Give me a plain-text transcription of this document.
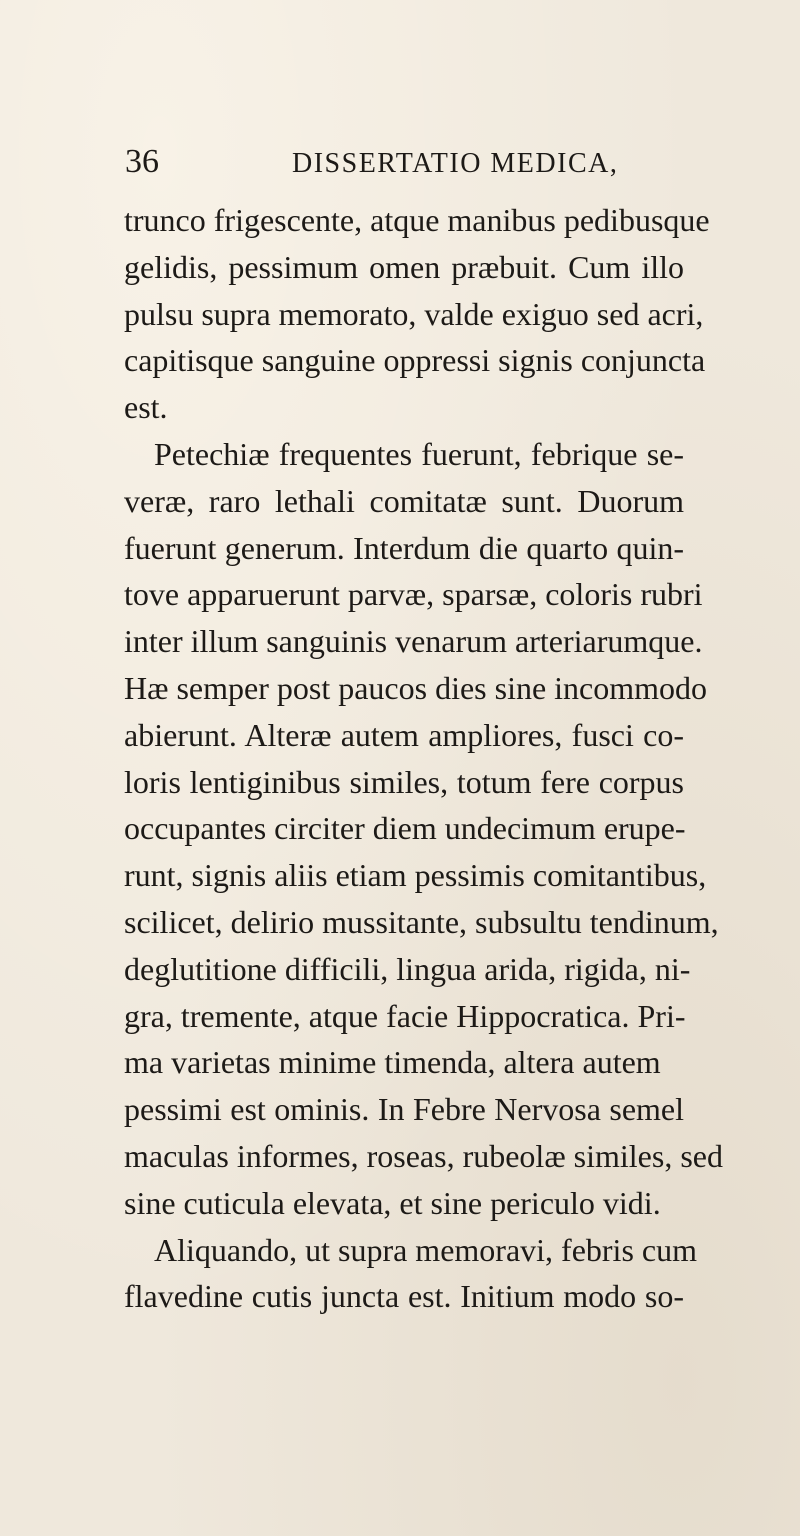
36	DISSERTATIO MEDICA,
trunco frigescente, atque manibus pedibusque
gelidis, pessimum omen præbuit. Cum illo
pulsu supra memorato, valde exiguo sed acri,
capitisque sanguine oppressi signis conjuncta
est.
Petechiæ frequentes fuerunt, febrique se-
veræ, raro lethali comitatæ sunt. Duorum
fuerunt generum. Interdum die quarto quin-
tove apparuerunt parvæ, sparsæ, coloris rubri
inter illum sanguinis venarum arteriarumque.
Hæ semper post paucos dies sine incommodo
abierunt. Alteræ autem ampliores, fusci co-
loris lentiginibus similes, totum fere corpus
occupantes circiter diem undecimum erupe-
runt, signis aliis etiam pessimis comitantibus,
scilicet, delirio mussitante, subsultu tendinum,
deglutitione difficili, lingua arida, rigida, ni-
gra, tremente, atque facie Hippocratica. Pri-
ma varietas minime timenda, altera autem
pessimi est ominis. In Febre Nervosa semel
maculas informes, roseas, rubeolæ similes, sed
sine cuticula elevata, et sine periculo vidi.
Aliquando, ut supra memoravi, febris cum
flavedine cutis juncta est. Initium modo so-
